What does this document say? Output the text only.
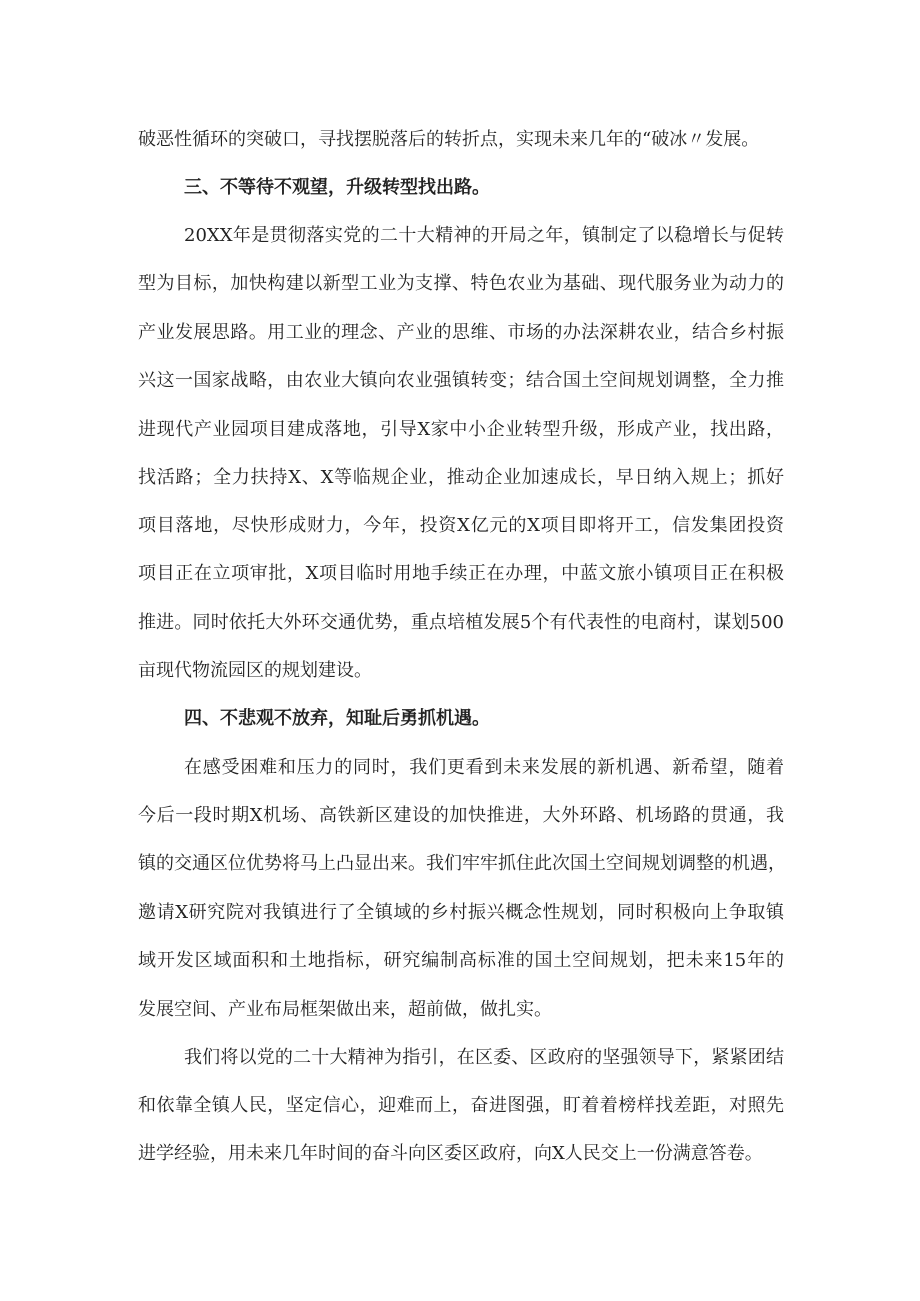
破恶性循环的突破口，寻找摆脱落后的转折点，实现未来几年的“破冰〃发展。
三、不等待不观望，升级转型找出路。
20XX年是贯彻落实党的二十大精神的开局之年，镇制定了以稳增长与促转
型为目标，加快构建以新型工业为支撑、特色农业为基础、现代服务业为动力的
产业发展思路。用工业的理念、产业的思维、市场的办法深耕农业，结合乡村振
兴这一国家战略，由农业大镇向农业强镇转变；结合国土空间规划调整，全力推
进现代产业园项目建成落地，引导X家中小企业转型升级，形成产业，找出路，
找活路；全力扶持X、X等临规企业，推动企业加速成长，早日纳入规上；抓好
项目落地，尽快形成财力，今年，投资X亿元的X项目即将开工，信发集团投资
项目正在立项审批，X项目临时用地手续正在办理，中蓝文旅小镇项目正在积极
推进。同时依托大外环交通优势，重点培植发展5个有代表性的电商村，谋划500
亩现代物流园区的规划建设。
四、不悲观不放弃，知耻后勇抓机遇。
在感受困难和压力的同时，我们更看到未来发展的新机遇、新希望，随着
今后一段时期X机场、高铁新区建设的加快推进，大外环路、机场路的贯通，我
镇的交通区位优势将马上凸显出来。我们牢牢抓住此次国土空间规划调整的机遇，
邀请X研究院对我镇进行了全镇域的乡村振兴概念性规划，同时积极向上争取镇
域开发区域面积和土地指标，研究编制高标准的国土空间规划，把未来15年的
发展空间、产业布局框架做出来，超前做，做扎实。
我们将以党的二十大精神为指引，在区委、区政府的坚强领导下，紧紧团结
和依靠全镇人民，坚定信心，迎难而上，奋进图强，盯着着榜样找差距，对照先
进学经验，用未来几年时间的奋斗向区委区政府，向X人民交上一份满意答卷。
